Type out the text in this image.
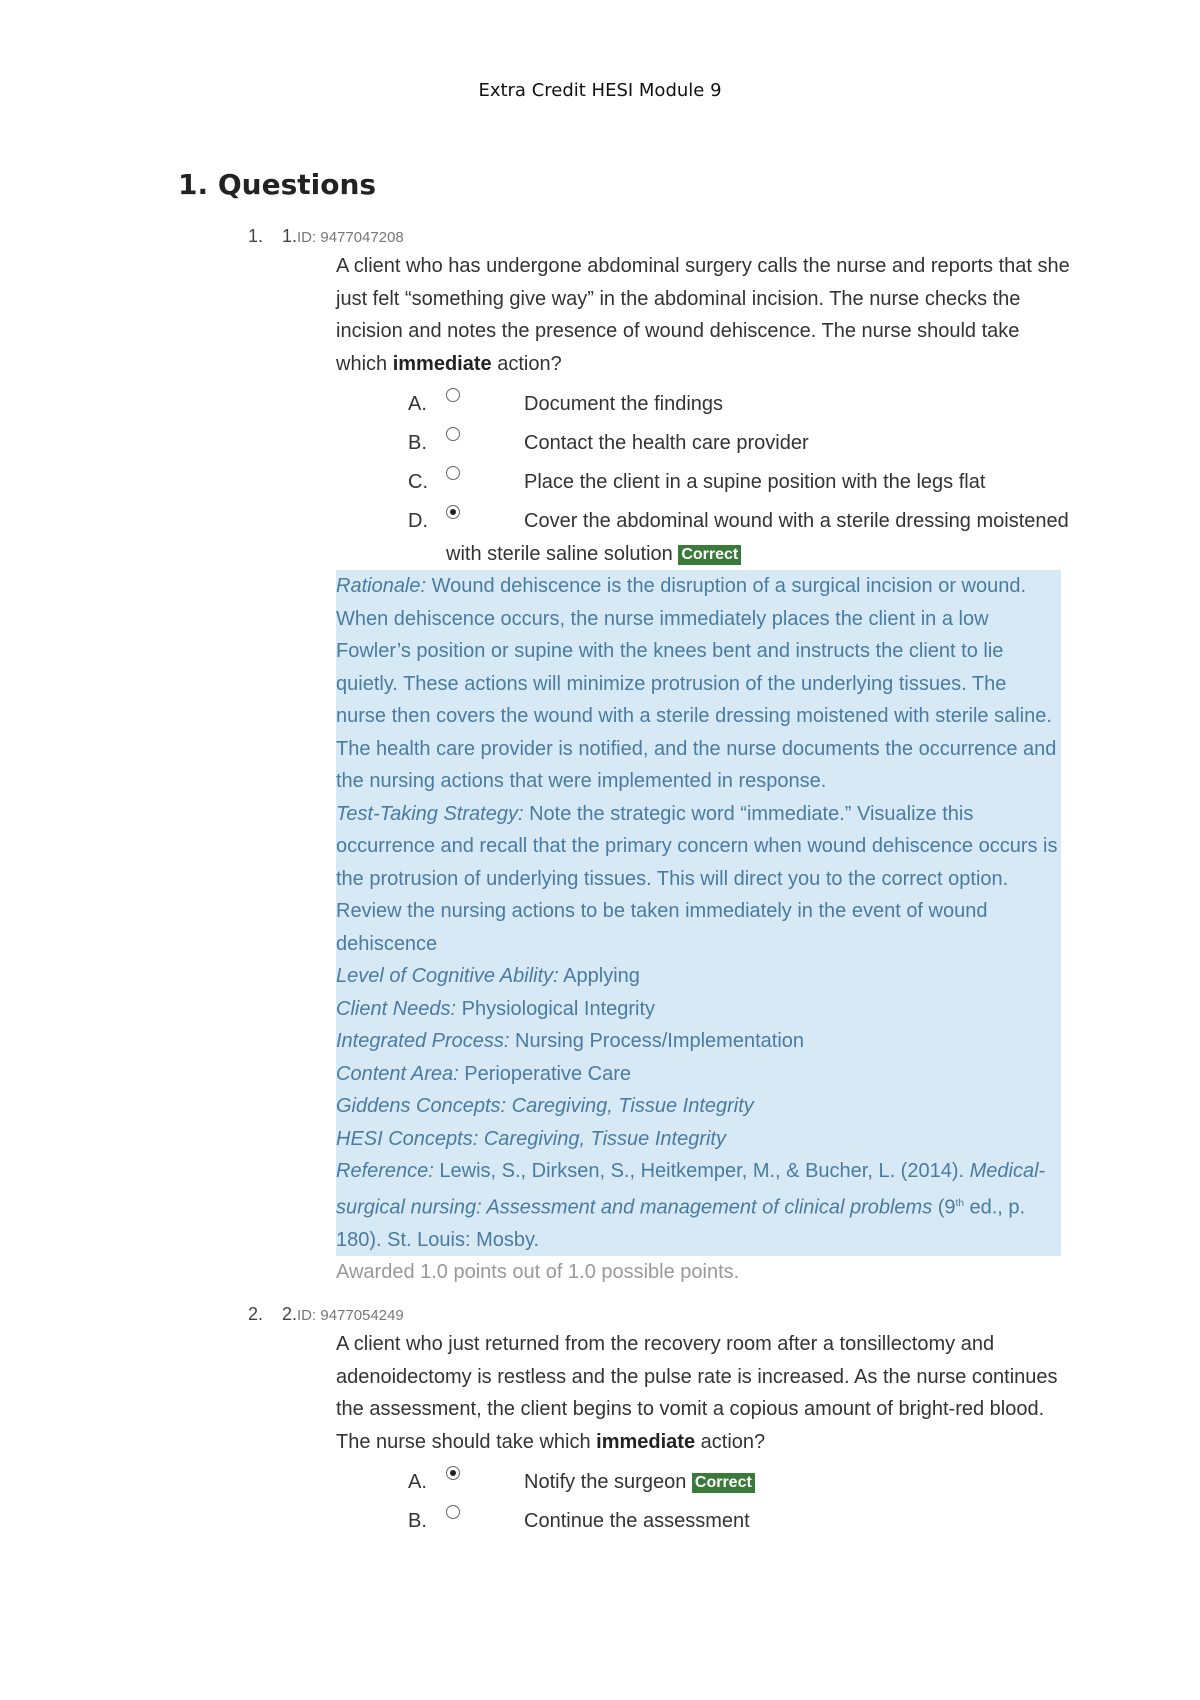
Extra Credit HESI Module 9
1. Questions
1. 1.ID: 9477047208
A client who has undergone abdominal surgery calls the nurse and reports that she just felt “something give way” in the abdominal incision. The nurse checks the incision and notes the presence of wound dehiscence. The nurse should take which immediate action?
A.	Document the findings
B.	Contact the health care provider
C.	Place the client in a supine position with the legs flat
D.	Cover the abdominal wound with a sterile dressing moistened with sterile saline solution Correct

Rationale: Wound dehiscence is the disruption of a surgical incision or wound. When dehiscence occurs, the nurse immediately places the client in a low Fowler’s position or supine with the knees bent and instructs the client to lie quietly. These actions will minimize protrusion of the underlying tissues. The nurse then covers the wound with a sterile dressing moistened with sterile saline. The health care provider is notified, and the nurse documents the occurrence and the nursing actions that were implemented in response.

Test-Taking Strategy: Note the strategic word “immediate.” Visualize this occurrence and recall that the primary concern when wound dehiscence occurs is the protrusion of underlying tissues. This will direct you to the correct option. Review the nursing actions to be taken immediately in the event of wound dehiscence

Level of Cognitive Ability: Applying

Client Needs: Physiological Integrity

Integrated Process: Nursing Process/Implementation

Content Area: Perioperative Care

Giddens Concepts: Caregiving, Tissue Integrity

HESI Concepts: Caregiving, Tissue Integrity

Reference: Lewis, S., Dirksen, S., Heitkemper, M., & Bucher, L. (2014). Medical-surgical nursing: Assessment and management of clinical problems (9th ed., p. 180). St. Louis: Mosby.

Awarded 1.0 points out of 1.0 possible points.
2. 2.ID: 9477054249
A client who just returned from the recovery room after a tonsillectomy and adenoidectomy is restless and the pulse rate is increased. As the nurse continues the assessment, the client begins to vomit a copious amount of bright-red blood. The nurse should take which immediate action?
A.	Notify the surgeon Correct
B.	Continue the assessment
